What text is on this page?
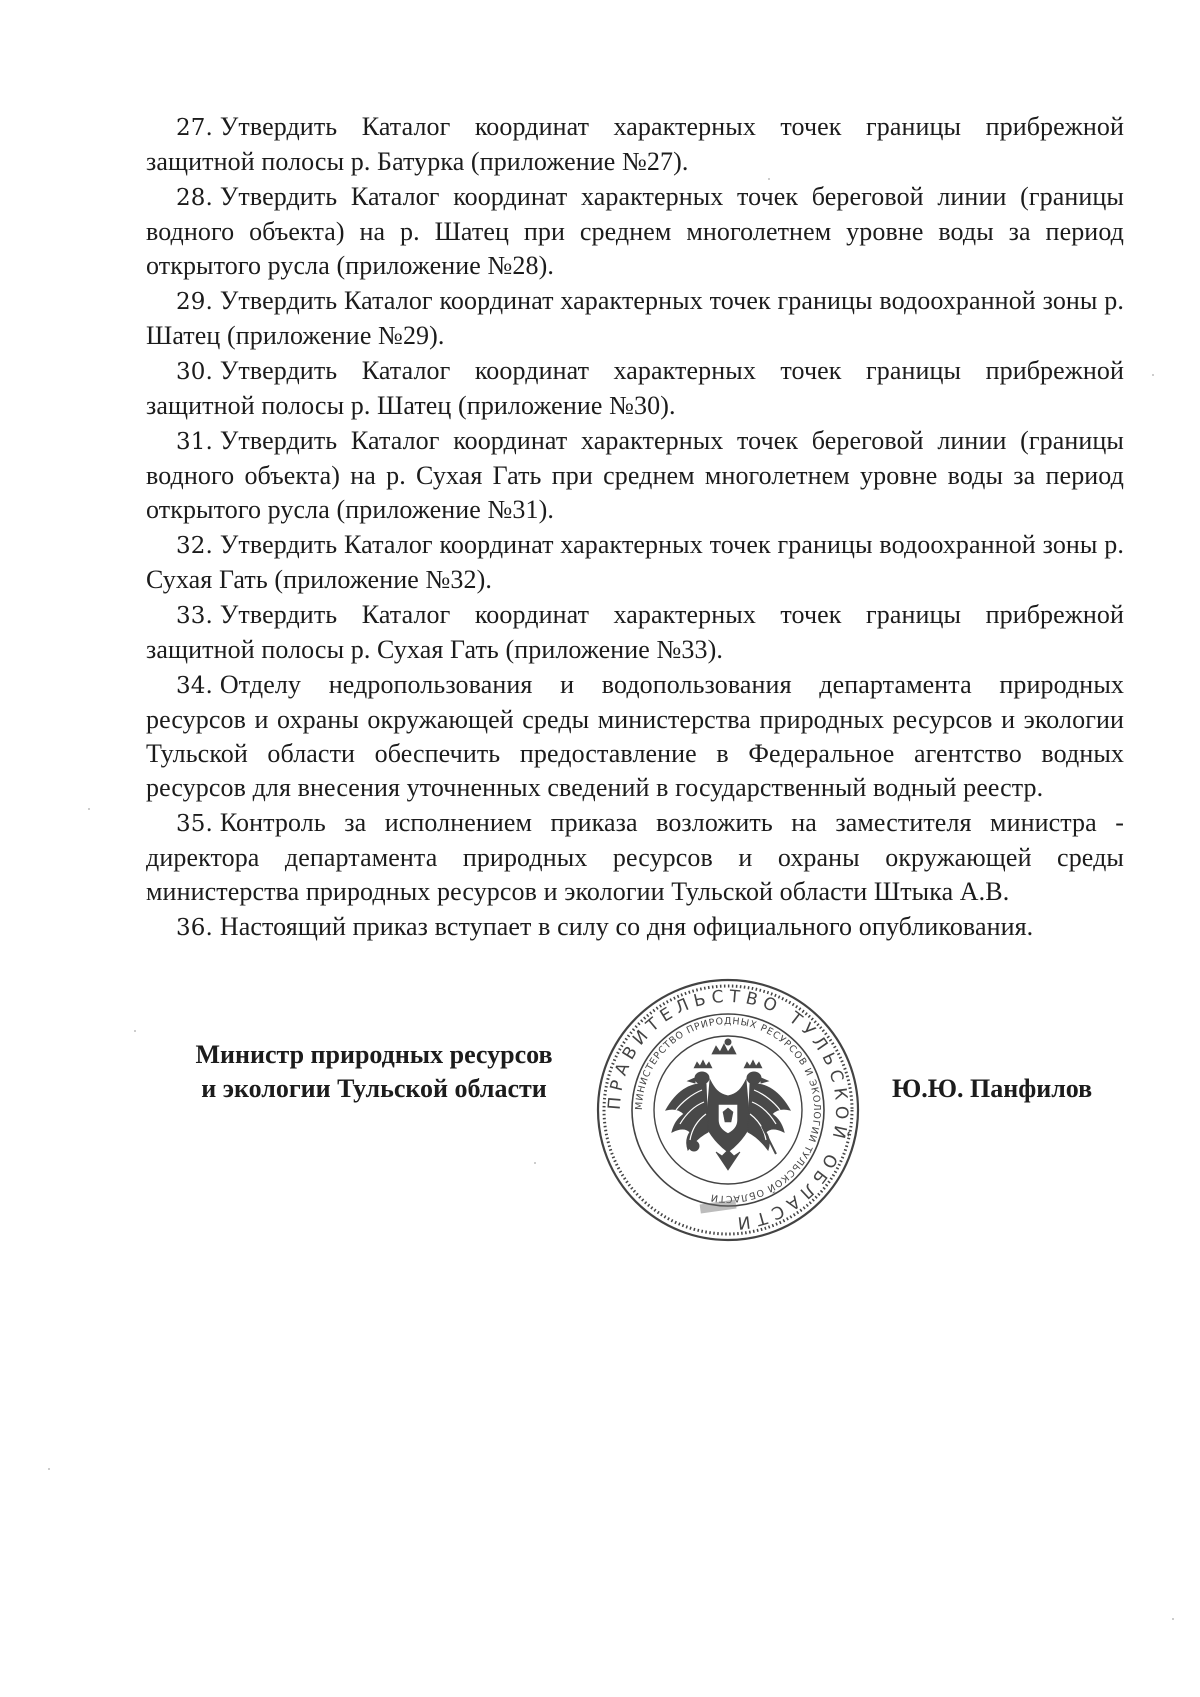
27. Утвердить Каталог координат характерных точек границы прибрежной защитной полосы р. Батурка (приложение №27).

28. Утвердить Каталог координат характерных точек береговой линии (границы водного объекта) на р. Шатец при среднем многолетнем уровне воды за период открытого русла (приложение №28).

29. Утвердить Каталог координат характерных точек границы водоохранной зоны р. Шатец (приложение №29).

30. Утвердить Каталог координат характерных точек границы прибрежной защитной полосы р. Шатец (приложение №30).

31. Утвердить Каталог координат характерных точек береговой линии (границы водного объекта) на р. Сухая Гать при среднем многолетнем уровне воды за период открытого русла (приложение №31).

32. Утвердить Каталог координат характерных точек границы водоохранной зоны р. Сухая Гать (приложение №32).

33. Утвердить Каталог координат характерных точек границы прибрежной защитной полосы р. Сухая Гать (приложение №33).

34. Отделу недропользования и водопользования департамента природных ресурсов и охраны окружающей среды министерства природных ресурсов и экологии Тульской области обеспечить предоставление в Федеральное агентство водных ресурсов для внесения уточненных сведений в государственный водный реестр.

35. Контроль за исполнением приказа возложить на заместителя министра - директора департамента природных ресурсов и охраны окружающей среды министерства природных ресурсов и экологии Тульской области Штыка А.В.

36. Настоящий приказ вступает в силу со дня официального опубликования.

Министр природных ресурсов
и экологии Тульской области	ПРАВИТЕЛЬСТВО ТУЛЬСКОЙ ОБЛАСТИ
МИНИСТЕРСТВО ПРИРОДНЫХ РЕСУРСОВ И ЭКОЛОГИИ ТУЛЬСКОЙ ОБЛАСТИ
Ю.Ю. Панфилов
